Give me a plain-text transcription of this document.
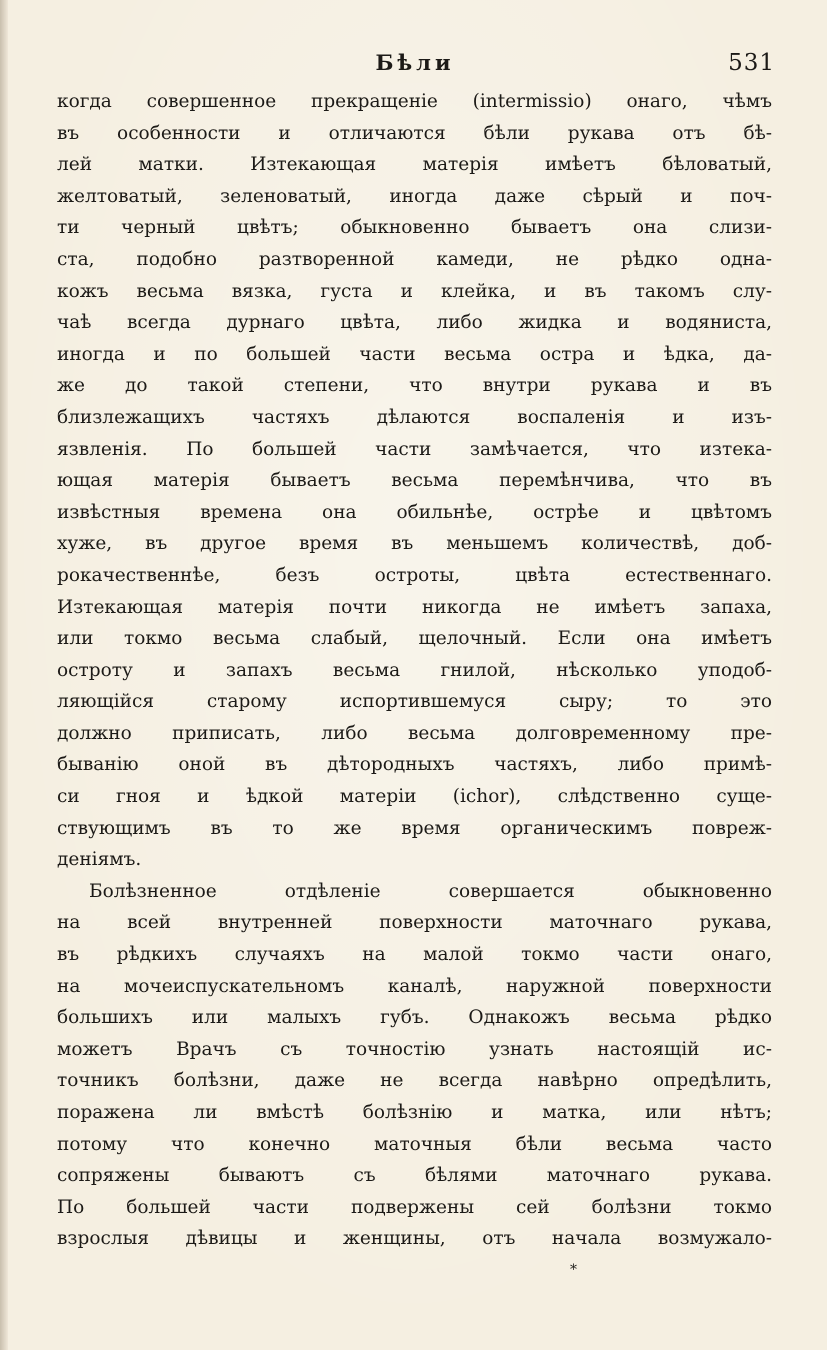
Бѣли	531
когда совершенное прекращеніе (intermissio) онаго, чѣмъ
въ особенности и отличаются бѣли рукава отъ бѣ-
лей матки. Изтекающая матерія имѣетъ бѣловатый,
желтоватый, зеленоватый, иногда даже сѣрый и поч-
ти черный цвѣтъ; обыкновенно бываетъ она слизи-
ста, подобно разтворенной камеди, не рѣдко одна-
кожъ весьма вязка, густа и клейка, и въ такомъ слу-
чаѣ всегда дурнаго цвѣта, либо жидка и водяниста,
иногда и по большей части весьма остра и ѣдка, да-
же до такой степени, что внутри рукава и въ
близлежащихъ частяхъ дѣлаются воспаленія и изъ-
язвленія. По большей части замѣчается, что изтека-
ющая матерія бываетъ весьма перемѣнчива, что въ
извѣстныя времена она обильнѣе, острѣе и цвѣтомъ
хуже, въ другое время въ меньшемъ количествѣ, доб-
рокачественнѣе, безъ остроты, цвѣта естественнаго.
Изтекающая матерія почти никогда не имѣетъ запаха,
или токмо весьма слабый, щелочный. Если она имѣетъ
остроту и запахъ весьма гнилой, нѣсколько уподоб-
ляющійся старому испортившемуся сыру; то это
должно приписать, либо весьма долговременному пре-
быванію оной въ дѣтородныхъ частяхъ, либо примѣ-
си гноя и ѣдкой матеріи (ichor), слѣдственно суще-
ствующимъ въ то же время органическимъ повреж-
деніямъ.
Болѣзненное отдѣленіе совершается обыкновенно
на всей внутренней поверхности маточнаго рукава,
въ рѣдкихъ случаяхъ на малой токмо части онаго,
на мочеиспускательномъ каналѣ, наружной поверхности
большихъ или малыхъ губъ. Однакожъ весьма рѣдко
можетъ Врачъ съ точностію узнать настоящій ис-
точникъ болѣзни, даже не всегда навѣрно опредѣлить,
поражена ли вмѣстѣ болѣзнію и матка, или нѣтъ;
потому что конечно маточныя бѣли весьма часто
сопряжены бываютъ съ бѣлями маточнаго рукава.
По большей части подвержены сей болѣзни токмо
взрослыя дѣвицы и женщины, отъ начала возмужало-
*
